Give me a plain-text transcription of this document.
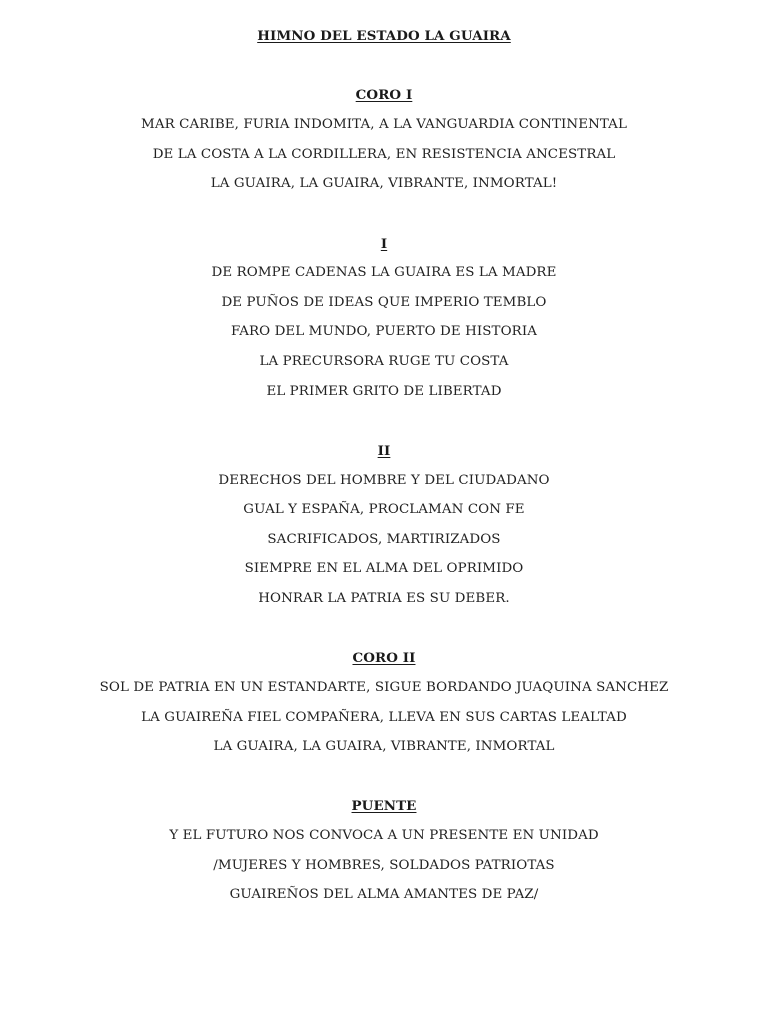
HIMNO DEL ESTADO LA GUAIRA
CORO I
MAR CARIBE, FURIA INDOMITA, A LA VANGUARDIA CONTINENTAL
DE LA COSTA A LA CORDILLERA, EN RESISTENCIA ANCESTRAL
LA GUAIRA, LA GUAIRA, VIBRANTE, INMORTAL!
I
DE ROMPE CADENAS LA GUAIRA ES LA MADRE
DE PUÑOS DE IDEAS QUE IMPERIO TEMBLO
FARO DEL MUNDO, PUERTO DE HISTORIA
LA PRECURSORA RUGE TU COSTA
EL PRIMER GRITO DE LIBERTAD
II
DERECHOS DEL HOMBRE Y DEL CIUDADANO
GUAL Y ESPAÑA, PROCLAMAN CON FE
SACRIFICADOS, MARTIRIZADOS
SIEMPRE EN EL ALMA DEL OPRIMIDO
HONRAR LA PATRIA ES SU DEBER.
CORO II
SOL DE PATRIA EN UN ESTANDARTE, SIGUE BORDANDO JUAQUINA SANCHEZ
LA GUAIREÑA FIEL COMPAÑERA, LLEVA EN SUS CARTAS LEALTAD
LA GUAIRA, LA GUAIRA, VIBRANTE, INMORTAL
PUENTE
Y EL FUTURO NOS CONVOCA A UN PRESENTE EN UNIDAD
/MUJERES Y HOMBRES, SOLDADOS PATRIOTAS
GUAIREÑOS DEL ALMA AMANTES DE PAZ/
